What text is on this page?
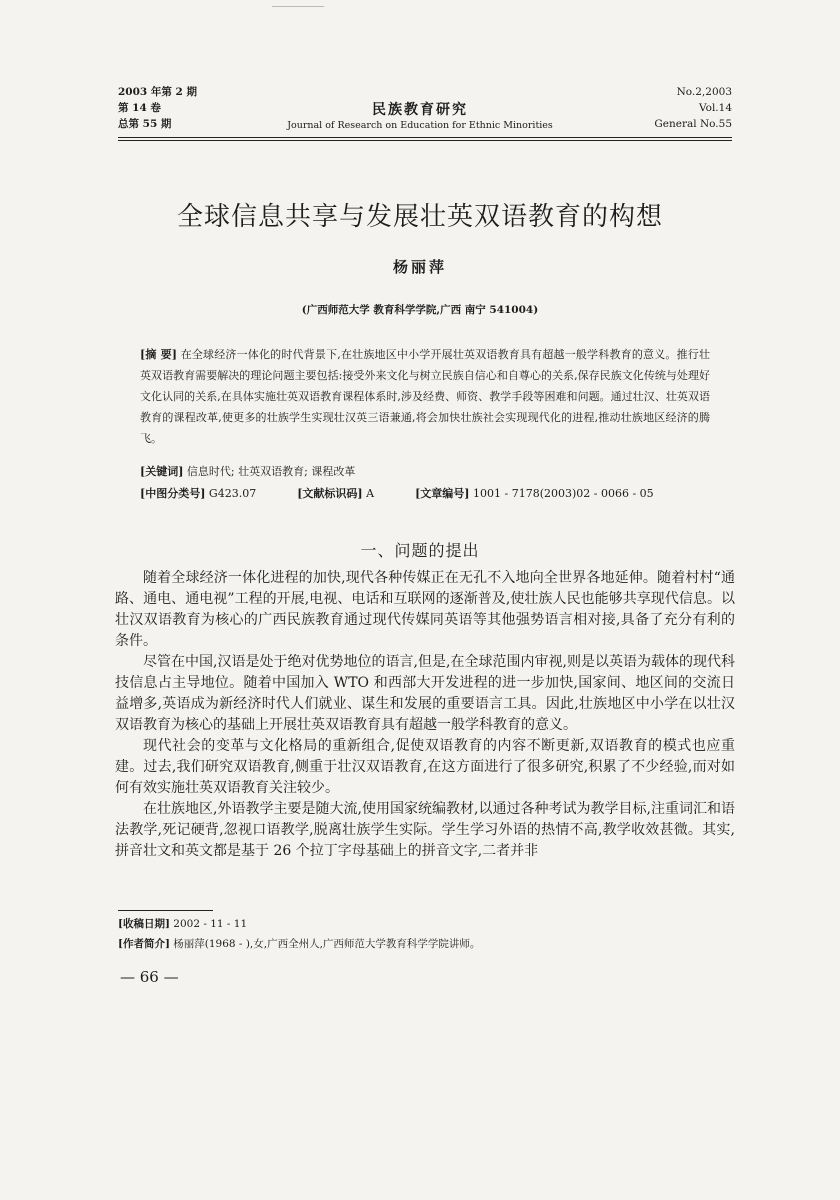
2003 年第 2 期
第 14 卷
总第 55 期
民族教育研究
Journal of Research on Education for Ethnic Minorities
No.2,2003
Vol.14
General No.55
全球信息共享与发展壮英双语教育的构想
杨丽萍
(广西师范大学 教育科学学院,广西 南宁 541004)
[摘 要] 在全球经济一体化的时代背景下,在壮族地区中小学开展壮英双语教育具有超越一般学科教育的意义。推行壮英双语教育需要解决的理论问题主要包括:接受外来文化与树立民族自信心和自尊心的关系,保存民族文化传统与处理好文化认同的关系,在具体实施壮英双语教育课程体系时,涉及经费、师资、教学手段等困难和问题。通过壮汉、壮英双语教育的课程改革,使更多的壮族学生实现壮汉英三语兼通,将会加快壮族社会实现现代化的进程,推动壮族地区经济的腾飞。
[关键词] 信息时代; 壮英双语教育; 课程改革
[中图分类号] G423.07	[文献标识码] A	[文章编号] 1001 - 7178(2003)02 - 0066 - 05
一、问题的提出

随着全球经济一体化进程的加快,现代各种传媒正在无孔不入地向全世界各地延伸。随着村村“通路、通电、通电视”工程的开展,电视、电话和互联网的逐渐普及,使壮族人民也能够共享现代信息。以壮汉双语教育为核心的广西民族教育通过现代传媒同英语等其他强势语言相对接,具备了充分有利的条件。

尽管在中国,汉语是处于绝对优势地位的语言,但是,在全球范围内审视,则是以英语为载体的现代科技信息占主导地位。随着中国加入 WTO 和西部大开发进程的进一步加快,国家间、地区间的交流日益增多,英语成为新经济时代人们就业、谋生和发展的重要语言工具。因此,壮族地区中小学在以壮汉双语教育为核心的基础上开展壮英双语教育具有超越一般学科教育的意义。

现代社会的变革与文化格局的重新组合,促使双语教育的内容不断更新,双语教育的模式也应重建。过去,我们研究双语教育,侧重于壮汉双语教育,在这方面进行了很多研究,积累了不少经验,而对如何有效实施壮英双语教育关注较少。

在壮族地区,外语教学主要是随大流,使用国家统编教材,以通过各种考试为教学目标,注重词汇和语法教学,死记硬背,忽视口语教学,脱离壮族学生实际。学生学习外语的热情不高,教学收效甚微。其实,拼音壮文和英文都是基于 26 个拉丁字母基础上的拼音文字,二者并非

[收稿日期] 2002 - 11 - 11
[作者简介] 杨丽萍(1968 - ),女,广西全州人,广西师范大学教育科学学院讲师。
— 66 —
